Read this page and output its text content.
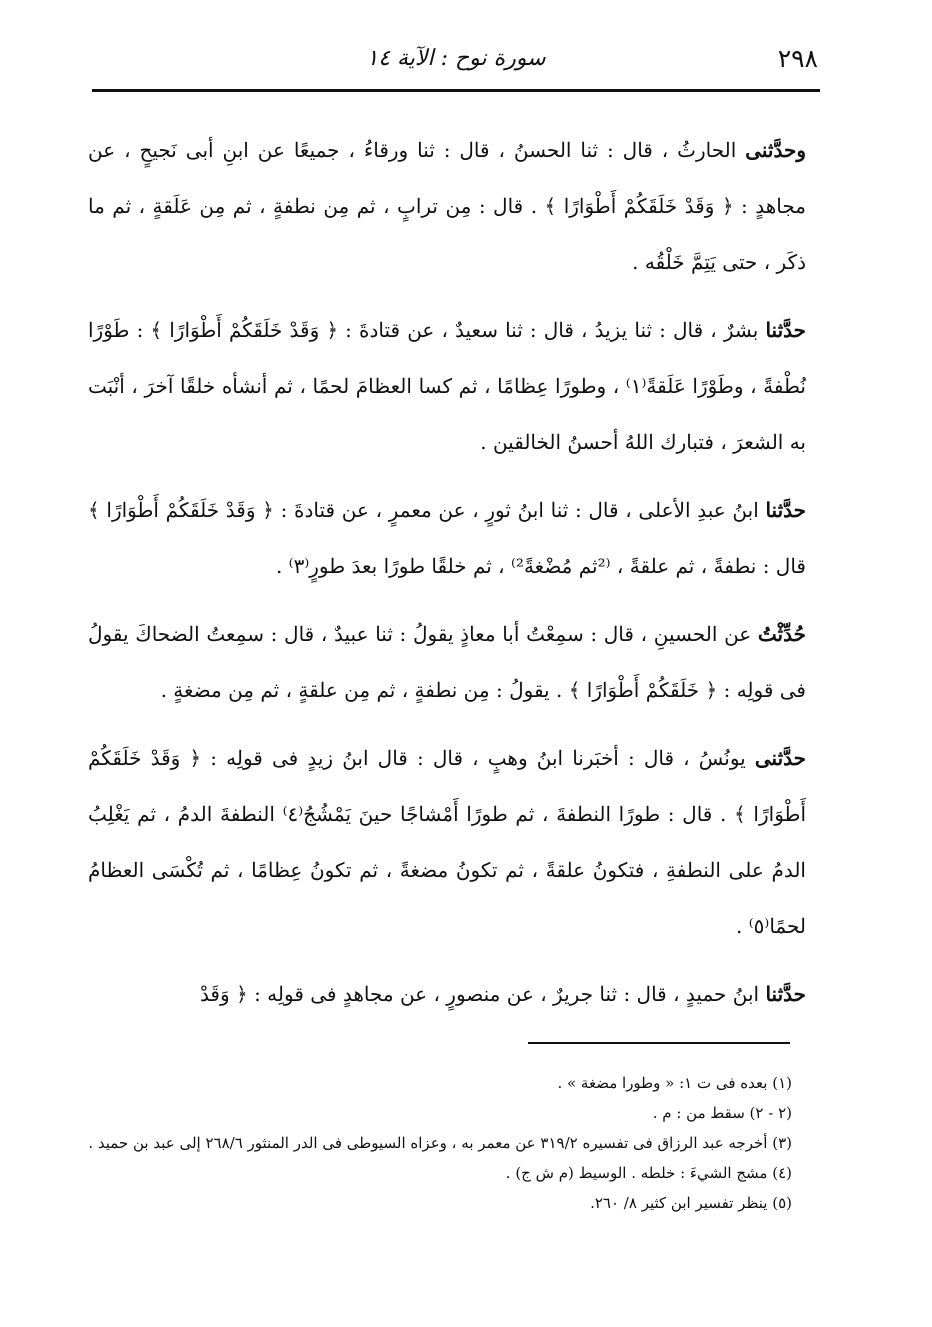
٢٩٨
سورة نوح : الآية ١٤

وحدَّثنى الحارثُ ، قال : ثنا الحسنُ ، قال : ثنا ورقاءُ ، جميعًا عن ابنِ أبى نَجيحٍ ، عن مجاهدٍ : ﴿ وَقَدْ خَلَقَكُمْ أَطْوَارًا ﴾ . قال : مِن ترابٍ ، ثم مِن نطفةٍ ، ثم مِن عَلَقةٍ ، ثم ما ذكَر ، حتى يَتِمَّ خَلْقُه .

حدَّثنا بشرٌ ، قال : ثنا يزيدُ ، قال : ثنا سعيدٌ ، عن قتادةَ : ﴿ وَقَدْ خَلَقَكُمْ أَطْوَارًا ﴾ : طَوْرًا نُطْفةً ، وطَوْرًا عَلَقةً⁽١⁾ ، وطورًا عِظامًا ، ثم كسا العظامَ لحمًا ، ثم أنشأه خلقًا آخرَ ، أنْبَت به الشعرَ ، فتبارك اللهُ أحسنُ الخالقين .

حدَّثنا ابنُ عبدِ الأعلى ، قال : ثنا ابنُ ثورٍ ، عن معمرٍ ، عن قتادةَ : ﴿ وَقَدْ خَلَقَكُمْ أَطْوَارًا ﴾ قال : نطفةً ، ثم علقةً ، ⁽²ثم مُضْغةً²⁾ ، ثم خلقًا طورًا بعدَ طورٍ⁽٣⁾ .

حُدِّثْتُ عن الحسينِ ، قال : سمِعْتُ أبا معاذٍ يقولُ : ثنا عبيدٌ ، قال : سمِعتُ الضحاكَ يقولُ فى قولِه : ﴿ خَلَقَكُمْ أَطْوَارًا ﴾ . يقولُ : مِن نطفةٍ ، ثم مِن علقةٍ ، ثم مِن مضغةٍ .

حدَّثنى يونُسُ ، قال : أخبَرنا ابنُ وهبٍ ، قال : قال ابنُ زيدٍ فى قولِه : ﴿ وَقَدْ خَلَقَكُمْ أَطْوَارًا ﴾ . قال : طورًا النطفةَ ، ثم طورًا أَمْشاجًا حينَ يَمْشُجُ⁽٤⁾ النطفةَ الدمُ ، ثم يَغْلِبُ الدمُ على النطفةِ ، فتكونُ علقةً ، ثم تكونُ مضغةً ، ثم تكونُ عِظامًا ، ثم تُكْسَى العظامُ لحمًا⁽٥⁾ .

حدَّثنا ابنُ حميدٍ ، قال : ثنا جريرٌ ، عن منصورٍ ، عن مجاهدٍ فى قولِه : ﴿ وَقَدْ

(١) بعده فى ت ١: « وطورا مضغة » .
(٢ - ٢) سقط من : م .
(٣) أخرجه عبد الرزاق فى تفسيره ٣١٩/٢ عن معمر به ، وعزاه السيوطى فى الدر المنثور ٢٦٨/٦ إلى عبد بن حميد .
(٤) مشج الشيءَ : خلطه . الوسيط (م ش ج) .
(٥) ينظر تفسير ابن كثير ٨/ ٢٦٠.
